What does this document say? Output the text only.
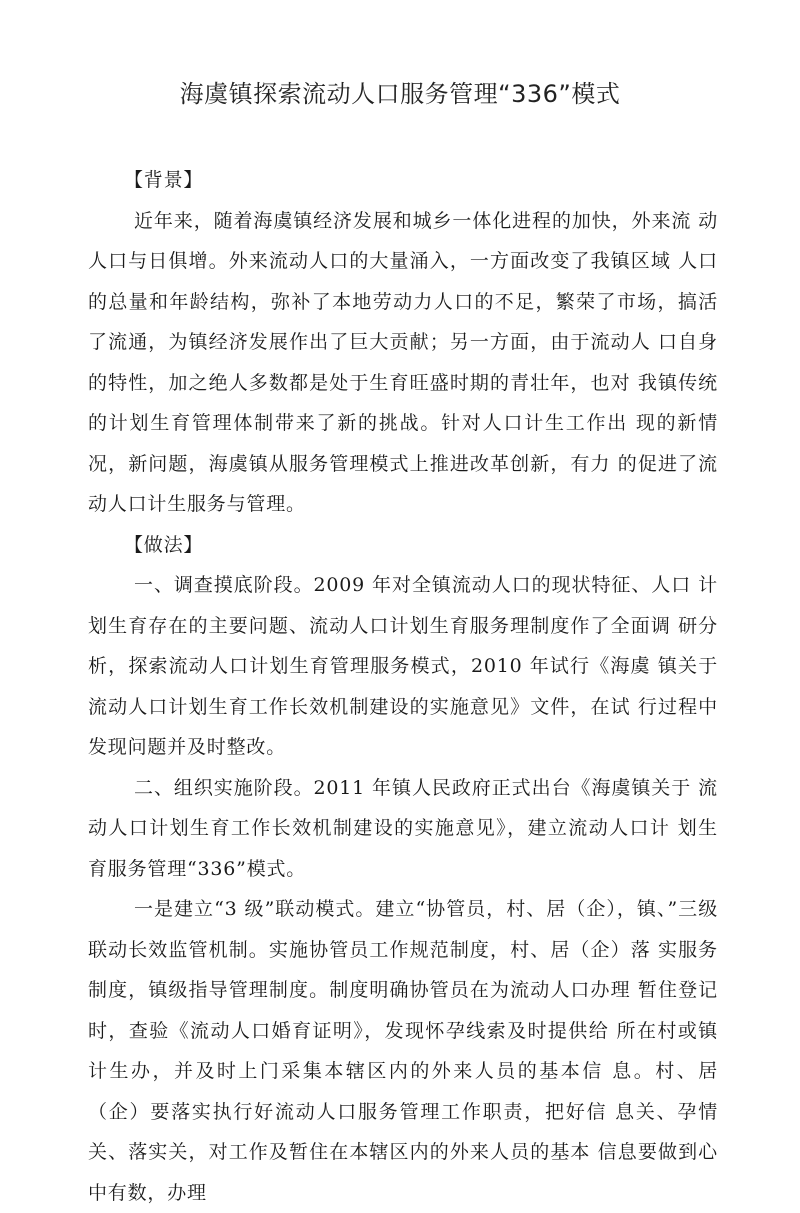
海虞镇探索流动人口服务管理“336”模式
【背景】
近年来，随着海虞镇经济发展和城乡一体化进程的加快，外来流 动人口与日俱增。外来流动人口的大量涌入，一方面改变了我镇区域 人口的总量和年龄结构，弥补了本地劳动力人口的不足，繁荣了市场，搞活了流通，为镇经济发展作出了巨大贡献；另一方面，由于流动人 口自身的特性，加之绝人多数都是处于生育旺盛时期的青壮年，也对 我镇传统的计划生育管理体制带来了新的挑战。针对人口计生工作出 现的新情况，新问题，海虞镇从服务管理模式上推进改革创新，有力 的促进了流动人口计生服务与管理。
【做法】
一、调查摸底阶段。2009 年对全镇流动人口的现状特征、人口 计划生育存在的主要问题、流动人口计划生育服务理制度作了全面调 研分析，探索流动人口计划生育管理服务模式，2010 年试行《海虞 镇关于流动人口计划生育工作长效机制建设的实施意见》文件，在试 行过程中发现问题并及时整改。
二、组织实施阶段。2011 年镇人民政府正式出台《海虞镇关于 流动人口计划生育工作长效机制建设的实施意见》，建立流动人口计 划生育服务管理“336”模式。
一是建立“3 级”联动模式。建立“协管员，村、居（企），镇、”三级联动长效监管机制。实施协管员工作规范制度，村、居（企）落 实服务制度，镇级指导管理制度。制度明确协管员在为流动人口办理 暂住登记时，查验《流动人口婚育证明》，发现怀孕线索及时提供给 所在村或镇计生办，并及时上门采集本辖区内的外来人员的基本信 息。村、居（企）要落实执行好流动人口服务管理工作职责，把好信 息关、孕情关、落实关，对工作及暂住在本辖区内的外来人员的基本 信息要做到心中有数，办理
